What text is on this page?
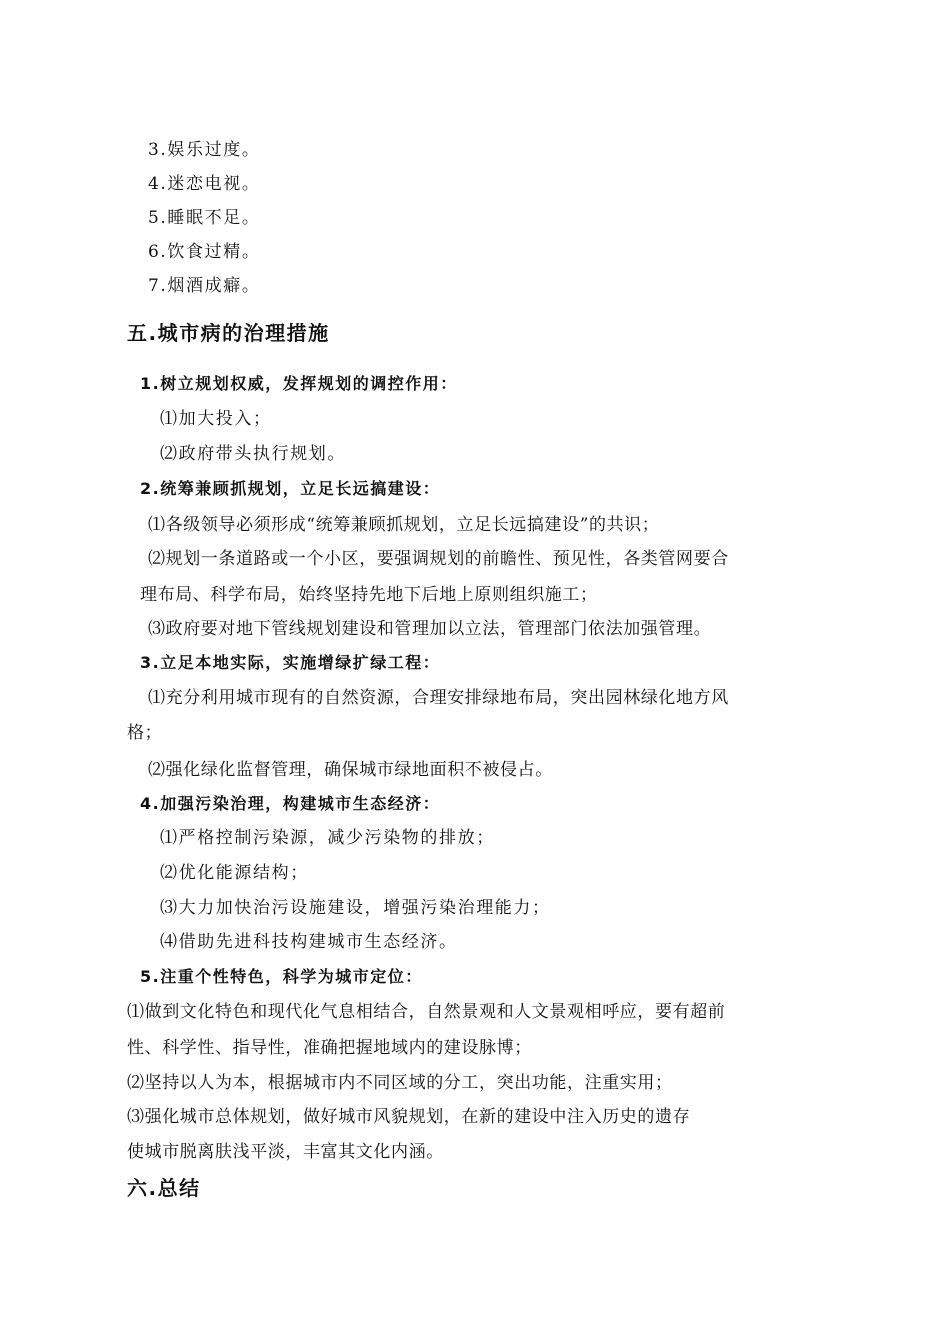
3.娱乐过度。
4.迷恋电视。
5.睡眠不足。
6.饮食过精。
7.烟酒成癖。
五.城市病的治理措施
1.树立规划权威，发挥规划的调控作用：
⑴加大投入；
⑵政府带头执行规划。
2.统筹兼顾抓规划，立足长远搞建设：
⑴各级领导必须形成“统筹兼顾抓规划，立足长远搞建设”的共识；
⑵规划一条道路或一个小区，要强调规划的前瞻性、预见性，各类管网要合
理布局、科学布局，始终坚持先地下后地上原则组织施工；
⑶政府要对地下管线规划建设和管理加以立法，管理部门依法加强管理。
3.立足本地实际，实施增绿扩绿工程：
⑴充分利用城市现有的自然资源，合理安排绿地布局，突出园林绿化地方风
格；
⑵强化绿化监督管理，确保城市绿地面积不被侵占。
4.加强污染治理，构建城市生态经济：
⑴严格控制污染源，减少污染物的排放；
⑵优化能源结构；
⑶大力加快治污设施建设，增强污染治理能力；
⑷借助先进科技构建城市生态经济。
5.注重个性特色，科学为城市定位：
⑴做到文化特色和现代化气息相结合，自然景观和人文景观相呼应，要有超前
性、科学性、指导性，准确把握地域内的建设脉博；
⑵坚持以人为本，根据城市内不同区域的分工，突出功能，注重实用；
⑶强化城市总体规划，做好城市风貌规划，在新的建设中注入历史的遗存
使城市脱离肤浅平淡，丰富其文化内涵。
六.总结
